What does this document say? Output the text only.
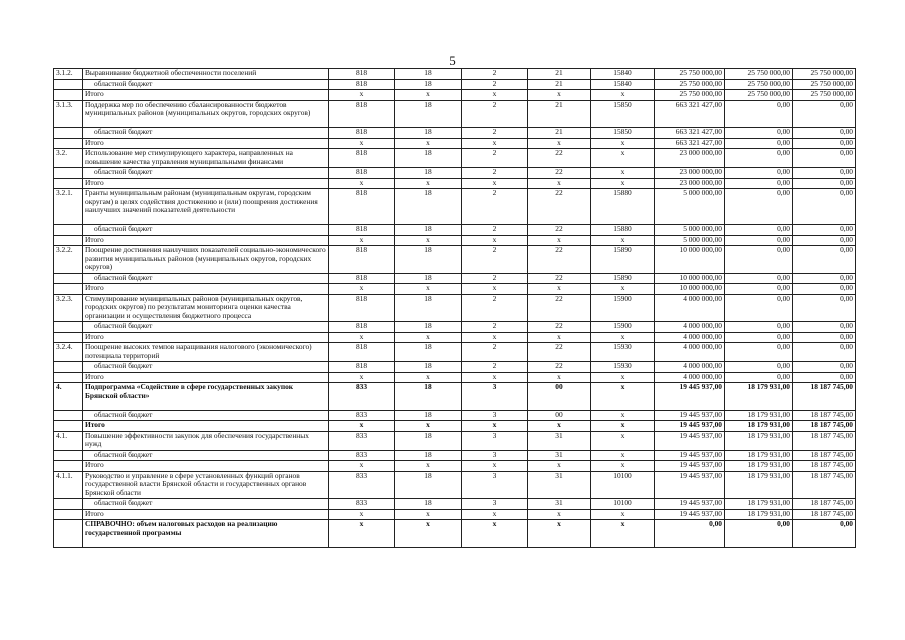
5
3.1.2.	Выравнивание бюджетной обеспеченности поселений	818	18	2	21	15840	25 750 000,00	25 750 000,00	25 750 000,00
	областной бюджет	818	18	2	21	15840	25 750 000,00	25 750 000,00	25 750 000,00
	Итого	х	х	х	х	х	25 750 000,00	25 750 000,00	25 750 000,00
3.1.3.	Поддержка мер по обеспечению сбалансированности бюджетов муниципальных районов (муниципальных округов, городских округов)	818	18	2	21	15850	663 321 427,00	0,00	0,00
	областной бюджет	818	18	2	21	15850	663 321 427,00	0,00	0,00
	Итого	х	х	х	х	х	663 321 427,00	0,00	0,00
3.2.	Использование мер стимулирующего характера, направленных на повышение качества управления муниципальными финансами	818	18	2	22	х	23 000 000,00	0,00	0,00
	областной бюджет	818	18	2	22	х	23 000 000,00	0,00	0,00
	Итого	х	х	х	х	х	23 000 000,00	0,00	0,00
3.2.1.	Гранты муниципальным районам (муниципальным округам, городским округам) в целях содействия достижению и (или) поощрения достижения наилучших значений показателей деятельности	818	18	2	22	15880	5 000 000,00	0,00	0,00
	областной бюджет	818	18	2	22	15880	5 000 000,00	0,00	0,00
	Итого	х	х	х	х	х	5 000 000,00	0,00	0,00
3.2.2.	Поощрение достижения наилучших показателей социально-экономического развития муниципальных районов (муниципальных округов, городских округов)	818	18	2	22	15890	10 000 000,00	0,00	0,00
	областной бюджет	818	18	2	22	15890	10 000 000,00	0,00	0,00
	Итого	х	х	х	х	х	10 000 000,00	0,00	0,00
3.2.3.	Стимулирование муниципальных районов (муниципальных округов, городских округов) по результатам мониторинга оценки качества организации и осуществления бюджетного процесса	818	18	2	22	15900	4 000 000,00	0,00	0,00
	областной бюджет	818	18	2	22	15900	4 000 000,00	0,00	0,00
	Итого	х	х	х	х	х	4 000 000,00	0,00	0,00
3.2.4.	Поощрение высоких темпов наращивания налогового (экономического) потенциала территорий	818	18	2	22	15930	4 000 000,00	0,00	0,00
	областной бюджет	818	18	2	22	15930	4 000 000,00	0,00	0,00
	Итого	х	х	х	х	х	4 000 000,00	0,00	0,00
4.	Подпрограмма «Содействие в сфере государственных закупок Брянской области»	833	18	3	00	х	19 445 937,00	18 179 931,00	18 187 745,00
	областной бюджет	833	18	3	00	х	19 445 937,00	18 179 931,00	18 187 745,00
	Итого	х	х	х	х	х	19 445 937,00	18 179 931,00	18 187 745,00
4.1.	Повышение эффективности закупок для обеспечения государственных нужд	833	18	3	31	х	19 445 937,00	18 179 931,00	18 187 745,00
	областной бюджет	833	18	3	31	х	19 445 937,00	18 179 931,00	18 187 745,00
	Итого	х	х	х	х	х	19 445 937,00	18 179 931,00	18 187 745,00
4.1.1.	Руководство и управление в сфере установленных функций органов государственной власти Брянской области и государственных органов Брянской области	833	18	3	31	10100	19 445 937,00	18 179 931,00	18 187 745,00
	областной бюджет	833	18	3	31	10100	19 445 937,00	18 179 931,00	18 187 745,00
	Итого	х	х	х	х	х	19 445 937,00	18 179 931,00	18 187 745,00
	СПРАВОЧНО: объем налоговых расходов на реализацию государственной программы	х	х	х	х	х	0,00	0,00	0,00
